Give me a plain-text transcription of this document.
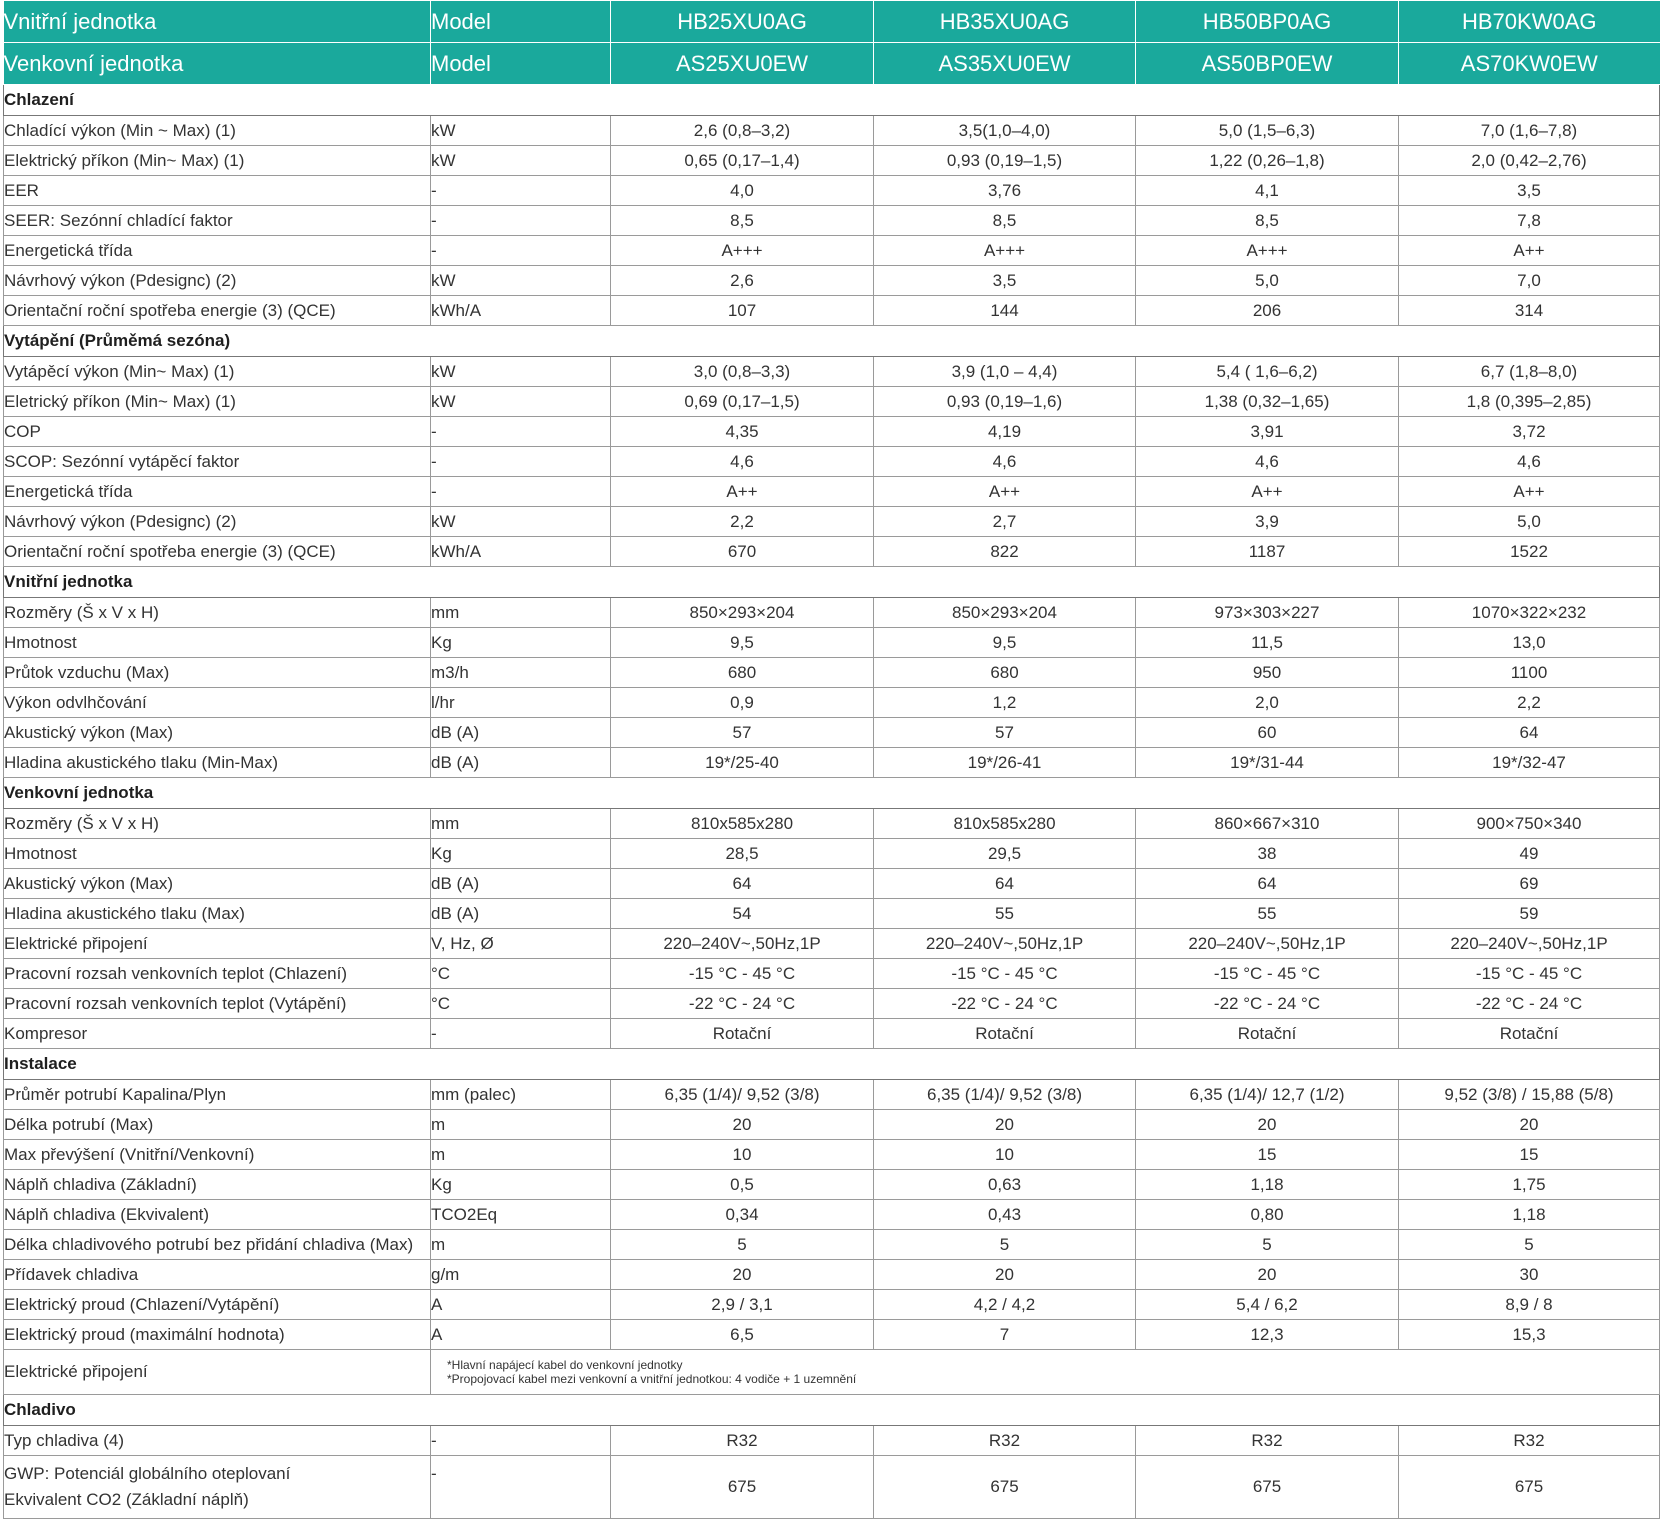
Vnitřní jednotka	Model	HB25XU0AG	HB35XU0AG	HB50BP0AG	HB70KW0AG
Venkovní jednotka	Model	AS25XU0EW	AS35XU0EW	AS50BP0EW	AS70KW0EW
Chlazení					
Chladící výkon (Min ~ Max) (1)	kW	2,6 (0,8–3,2)	3,5(1,0–4,0)	5,0 (1,5–6,3)	7,0 (1,6–7,8)
Elektrický příkon (Min~ Max) (1)	kW	0,65 (0,17–1,4)	0,93 (0,19–1,5)	1,22 (0,26–1,8)	2,0 (0,42–2,76)
EER	-	4,0	3,76	4,1	3,5
SEER: Sezónní chladící faktor	-	8,5	8,5	8,5	7,8
Energetická třída	-	A+++	A+++	A+++	A++
Návrhový výkon (Pdesignc) (2)	kW	2,6	3,5	5,0	7,0
Orientační roční spotřeba energie (3) (QCE)	kWh/A	107	144	206	314
Vytápění (Průměmá sezóna)					
Vytápěcí výkon (Min~ Max) (1)	kW	3,0 (0,8–3,3)	3,9 (1,0 – 4,4)	5,4 ( 1,6–6,2)	6,7 (1,8–8,0)
Eletrický příkon (Min~ Max) (1)	kW	0,69 (0,17–1,5)	0,93 (0,19–1,6)	1,38 (0,32–1,65)	1,8 (0,395–2,85)
COP	-	4,35	4,19	3,91	3,72
SCOP: Sezónní vytápěcí faktor	-	4,6	4,6	4,6	4,6
Energetická třída	-	A++	A++	A++	A++
Návrhový výkon (Pdesignc) (2)	kW	2,2	2,7	3,9	5,0
Orientační roční spotřeba energie (3) (QCE)	kWh/A	670	822	1187	1522
Vnitřní jednotka					
Rozměry (Š x V x H)	mm	850×293×204	850×293×204	973×303×227	1070×322×232
Hmotnost	Kg	9,5	9,5	11,5	13,0
Průtok vzduchu (Max)	m3/h	680	680	950	1100
Výkon odvlhčování	l/hr	0,9	1,2	2,0	2,2
Akustický výkon (Max)	dB (A)	57	57	60	64
Hladina akustického tlaku (Min-Max)	dB (A)	19*/25-40	19*/26-41	19*/31-44	19*/32-47
Venkovní jednotka					
Rozměry (Š x V x H)	mm	810x585x280	810x585x280	860×667×310	900×750×340
Hmotnost	Kg	28,5	29,5	38	49
Akustický výkon (Max)	dB (A)	64	64	64	69
Hladina akustického tlaku (Max)	dB (A)	54	55	55	59
Elektrické připojení	V, Hz, Ø	220–240V~,50Hz,1P	220–240V~,50Hz,1P	220–240V~,50Hz,1P	220–240V~,50Hz,1P
Pracovní rozsah venkovních teplot (Chlazení)	°C	-15 °C - 45 °C	-15 °C - 45 °C	-15 °C - 45 °C	-15 °C - 45 °C
Pracovní rozsah venkovních teplot (Vytápění)	°C	-22 °C - 24 °C	-22 °C - 24 °C	-22 °C - 24 °C	-22 °C - 24 °C
Kompresor	-	Rotační	Rotační	Rotační	Rotační
Instalace					
Průměr potrubí Kapalina/Plyn	mm (palec)	6,35 (1/4)/ 9,52 (3/8)	6,35 (1/4)/ 9,52 (3/8)	6,35 (1/4)/ 12,7 (1/2)	9,52 (3/8) / 15,88 (5/8)
Délka potrubí (Max)	m	20	20	20	20
Max převýšení (Vnitřní/Venkovní)	m	10	10	15	15
Náplň chladiva (Základní)	Kg	0,5	0,63	1,18	1,75
Náplň chladiva (Ekvivalent)	TCO2Eq	0,34	0,43	0,80	1,18
Délka chladivového potrubí bez přidání chladiva (Max)	m	5	5	5	5
Přídavek chladiva	g/m	20	20	20	30
Elektrický proud (Chlazení/Vytápění)	A	2,9 / 3,1	4,2 / 4,2	5,4 / 6,2	8,9 / 8
Elektrický proud (maximální hodnota)	A	6,5	7	12,3	15,3
Elektrické připojení	*Hlavní napájecí kabel do venkovní jednotky
*Propojovací kabel mezi venkovní a vnitřní jednotkou: 4 vodiče + 1 uzemnění				

Chladivo					
Typ chladiva (4)	-	R32	R32	R32	R32

GWP: Potenciál globálního oteplovaní
Ekvivalent CO2 (Základní náplň)	-	675	675	675	675
